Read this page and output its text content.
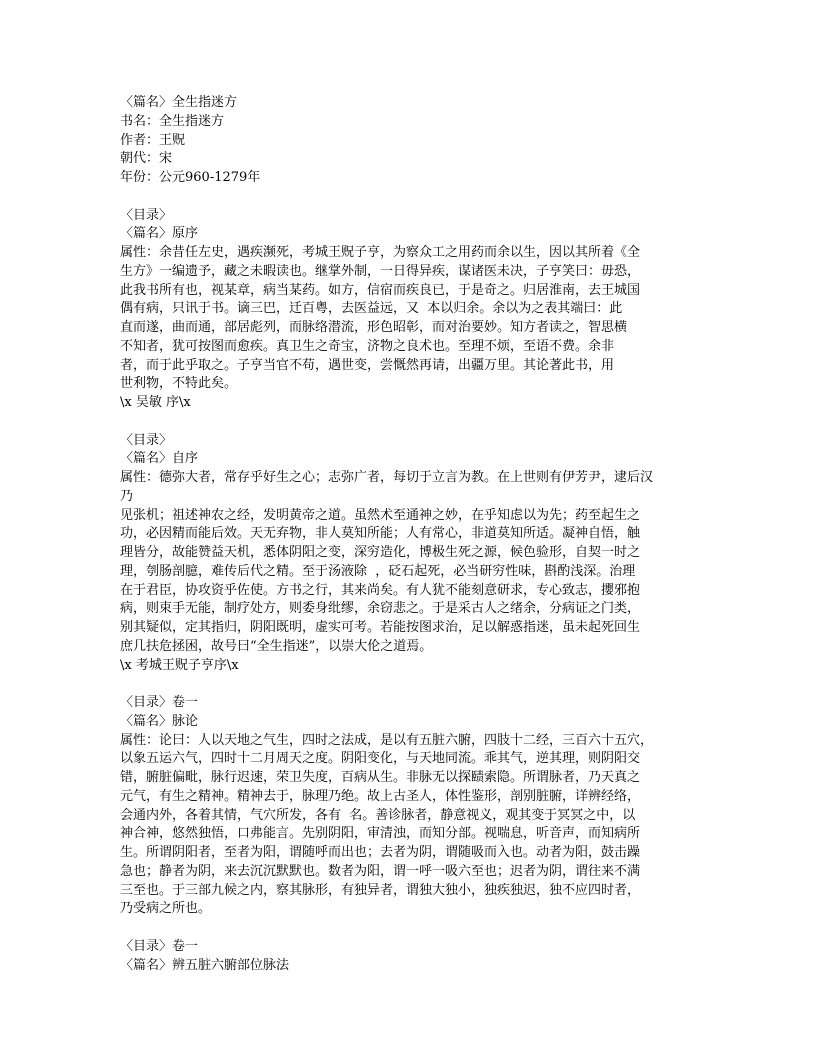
〈篇名〉全生指迷方
书名：全生指迷方
作者：王贶
朝代：宋
年份：公元960-1279年
〈目录〉
〈篇名〉原序
属性：余昔任左史，遇疾濒死，考城王贶子亨，为察众工之用药而余以生，因以其所着《全
生方》一编遗予，藏之未暇读也。继掌外制，一日得异疾，谋诸医未决，子亨笑曰：毋恐，
此我书所有也，视某章，病当某药。如方，信宿而疾良已，于是奇之。归居淮南，去王城国
偶有病，只讯于书。谪三巴，迁百粤，去医益远，又  本以归余。余以为之表其端曰：此
直而遂，曲而通，部居彪列，而脉络潜流，形色昭彰，而对治要妙。知方者读之，智思横
不知者，犹可按图而愈疾。真卫生之奇宝，济物之良术也。至理不烦，至语不费。余非
者，而于此乎取之。子亨当官不苟，遇世变，尝慨然再请，出疆万里。其论著此书，用
世利物，不特此矣。
\x 吴敏 序\x
〈目录〉
〈篇名〉自序
属性：德弥大者，常存乎好生之心；志弥广者，每切于立言为教。在上世则有伊芳尹，逮后汉
乃
见张机；祖述神农之经，发明黄帝之道。虽然术至通神之妙，在乎知虑以为先；药至起生之
功，必因精而能后效。天无弃物，非人莫知所能；人有常心，非道莫知所适。凝神自悟，触
理皆分，故能赞益天机，悉体阴阳之变，深穷造化，博极生死之源，候色验形，自契一时之
理，刳肠剖臆，难传后代之精。至于汤液除  ，砭石起死，必当研穷性味，斟酌浅深。治理
在于君臣，协攻资乎佐使。方书之行，其来尚矣。有人犹不能刻意研求，专心致志，攖邪抱
病，则束手无能，制疗处方，则委身纰缪，余窃悲之。于是采古人之绪余，分病证之门类，
别其疑似，定其指归，阴阳既明，虚实可考。若能按图求治，足以解惑指迷，虽未起死回生
庶几扶危拯困，故号曰“全生指迷”，以崇大伦之道焉。
\x 考城王贶子亨序\x
〈目录〉卷一
〈篇名〉脉论
属性：论曰：人以天地之气生，四时之法成，是以有五脏六腑，四肢十二经，三百六十五穴，
以象五运六气，四时十二月周天之度。阴阳变化，与天地同流。乖其气，逆其理，则阴阳交
错，腑脏偏毗，脉行迟速，荣卫失度，百病从生。非脉无以探赜索隐。所谓脉者，乃天真之
元气，有生之精神。精神去于，脉理乃绝。故上古圣人，体性鉴形，剖别脏腑，详辨经络，
会通内外，各着其情，气穴所发，各有  名。善诊脉者，静意视义，观其变于冥冥之中，以
神合神，悠然独悟，口弗能言。先别阴阳，审清浊，而知分部。视喘息，听音声，而知病所
生。所谓阴阳者，至者为阳，谓随呼而出也；去者为阴，谓随吸而入也。动者为阳，鼓击躁
急也；静者为阴，来去沉沉默默也。数者为阳，谓一呼一吸六至也；迟者为阴，谓往来不满
三至也。于三部九候之内，察其脉形，有独异者，谓独大独小，独疾独迟，独不应四时者，
乃受病之所也。
〈目录〉卷一
〈篇名〉辨五脏六腑部位脉法
